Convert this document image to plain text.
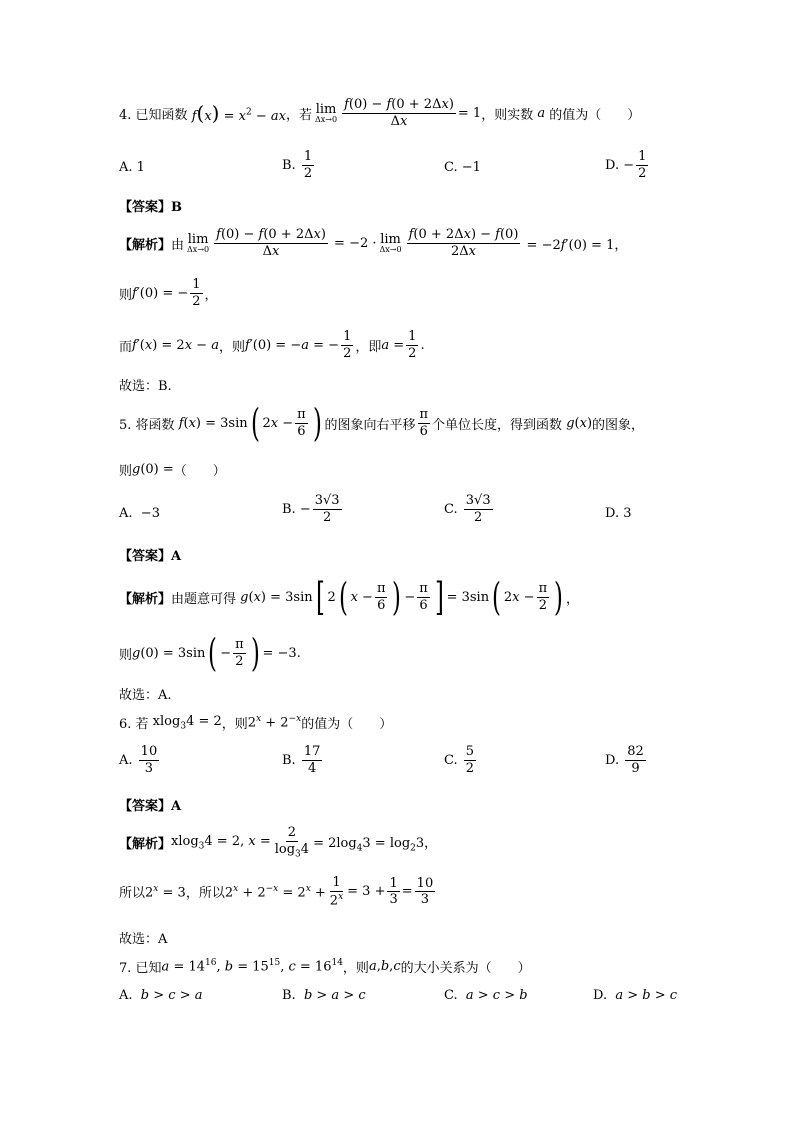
4. 已知函数 $f(x) = x^2$ − ax ，若 lim
$\Delta x\to 0 \frac{f(0) - f(0 + 2\Delta x)}{\Delta x} = 1$ ，则实数 a 的值为（　　）
A.
1	B.
$\frac{1}{2}$	C.
−1	D.
− $\frac{1}{2}$
【答案】B
【解析】 由 lim
$\Delta x\to 0 \frac{f(0) - f(0 + 2\Delta x)}{\Delta x} = -2 \cdot \lim$
$\Delta x\to 0 \frac{f(0 + 2\Delta x) - f(0)}{2\Delta x} = -2f'(0) = 1$，
则 f′(0) = − $\frac{1}{2}$ ，
而 f′(x) = 2x − a ，则 f′(0) = −a = − $\frac{1}{2}$ ，即 $a = \frac{1}{2}$ .
故选：B.
5. 将函数 f(x) = 3sin ( $2x - \frac{\pi}{6}$ ) 的图象向右平移 $\frac{\pi}{6}$ 个单位长度，得到函数 g(x) 的图象，
则 g(0) = （　　）
A.
−3	B.
− $\frac{3√3}{2}$	C.
$\frac{3√3}{2}$	D.
3
【答案】A
【解析】 由题意可得 g(x) = 3sin [ 2 ( $x - \frac{\pi}{6}$ ) − $\frac{\pi}{6}$ ] = 3sin ( $2x - \frac{\pi}{2}$ ) ，
则 g(0) = 3sin ( − $\frac{\pi}{2}$ ) = −3.
故选：A.
6. 若 xlog$_3$4 = 2 ，则 $2^x + 2^{-x}$ 的值为（　　）
A.
$\frac{10}{3}$	B.
$\frac{17}{4}$	C.
$\frac{5}{2}$	D.
$\frac{82}{9}$
【答案】A
【解析】 xlog$_3$4 = 2, $x = \frac{2}{\log_34} = 2\log_43 = \log_23$，
所以 $2^x = 3$ ，所以 $2^x + 2^{-x} = 2^x + \frac{1}{2^x} = 3 + \frac{1}{3} = \frac{10}{3}$
故选：A
7. 已知 $a = 14^{16}$, $b = 15^{15}$, $c = 16^{14}$ ，则 a,b,c 的大小关系为（　　）
A.
b > c > a	B.
b > a > c	C.
a > c > b	D.
a > b > c
